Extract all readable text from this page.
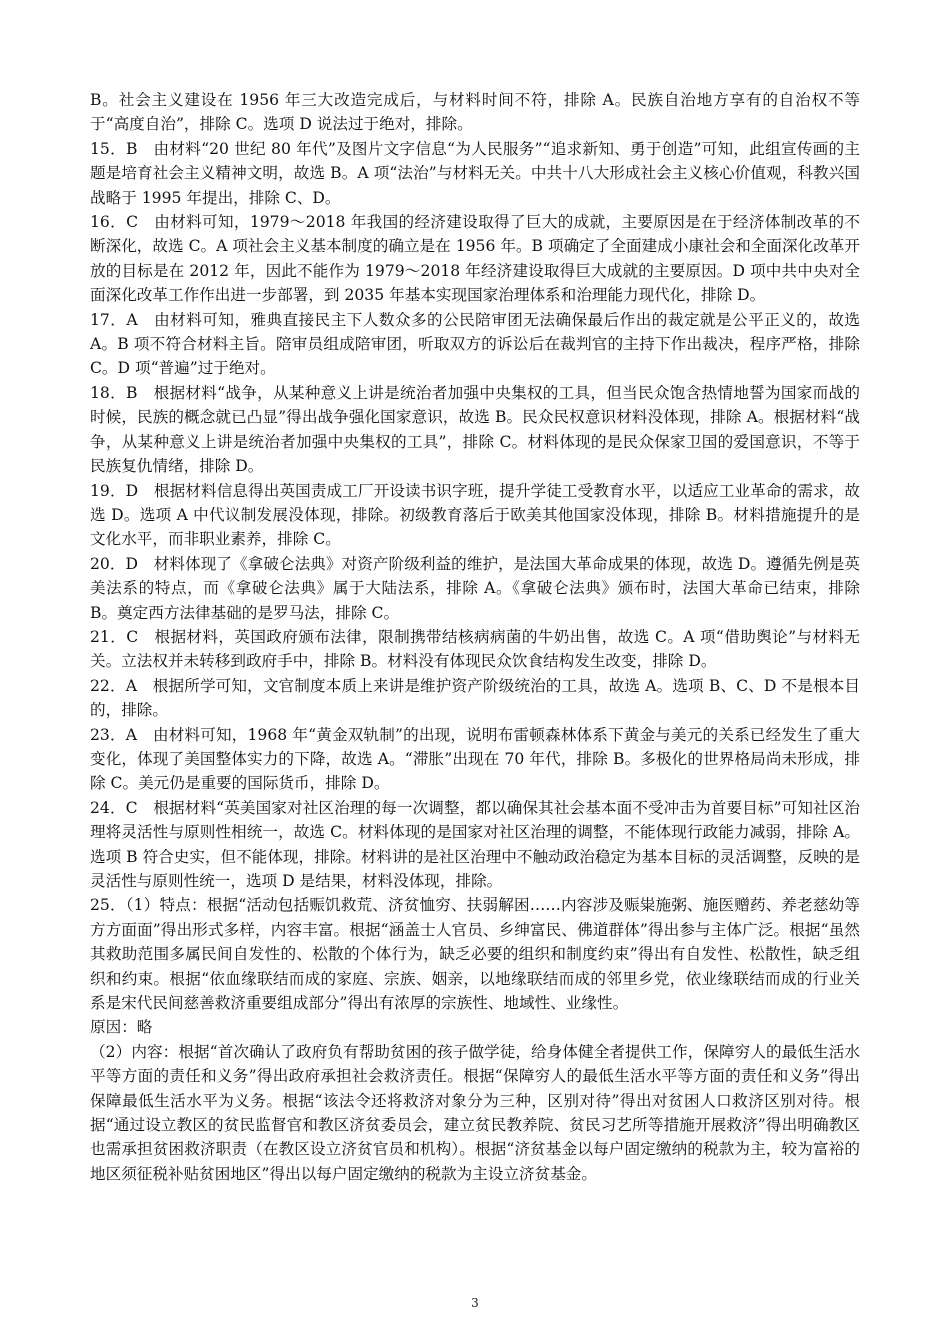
B。社会主义建设在 1956 年三大改造完成后，与材料时间不符，排除 A。民族自治地方享有的自治权不等于“高度自治”，排除 C。选项 D 说法过于绝对，排除。

15．B　由材料“20 世纪 80 年代”及图片文字信息“为人民服务”“追求新知、勇于创造”可知，此组宣传画的主题是培育社会主义精神文明，故选 B。A 项“法治”与材料无关。中共十八大形成社会主义核心价值观，科教兴国战略于 1995 年提出，排除 C、D。

16．C　由材料可知，1979～2018 年我国的经济建设取得了巨大的成就，主要原因是在于经济体制改革的不断深化，故选 C。A 项社会主义基本制度的确立是在 1956 年。B 项确定了全面建成小康社会和全面深化改革开放的目标是在 2012 年，因此不能作为 1979～2018 年经济建设取得巨大成就的主要原因。D 项中共中央对全面深化改革工作作出进一步部署，到 2035 年基本实现国家治理体系和治理能力现代化，排除 D。

17．A　由材料可知，雅典直接民主下人数众多的公民陪审团无法确保最后作出的裁定就是公平正义的，故选 A。B 项不符合材料主旨。陪审员组成陪审团，听取双方的诉讼后在裁判官的主持下作出裁决，程序严格，排除 C。D 项“普遍”过于绝对。

18．B　根据材料“战争，从某种意义上讲是统治者加强中央集权的工具，但当民众饱含热情地誓为国家而战的时候，民族的概念就已凸显”得出战争强化国家意识，故选 B。民众民权意识材料没体现，排除 A。根据材料“战争，从某种意义上讲是统治者加强中央集权的工具”，排除 C。材料体现的是民众保家卫国的爱国意识，不等于民族复仇情绪，排除 D。

19．D　根据材料信息得出英国责成工厂开设读书识字班，提升学徒工受教育水平，以适应工业革命的需求，故选 D。选项 A 中代议制发展没体现，排除。初级教育落后于欧美其他国家没体现，排除 B。材料措施提升的是文化水平，而非职业素养，排除 C。

20．D　材料体现了《拿破仑法典》对资产阶级利益的维护，是法国大革命成果的体现，故选 D。遵循先例是英美法系的特点，而《拿破仑法典》属于大陆法系，排除 A。《拿破仑法典》颁布时，法国大革命已结束，排除 B。奠定西方法律基础的是罗马法，排除 C。

21．C　根据材料，英国政府颁布法律，限制携带结核病病菌的牛奶出售，故选 C。A 项“借助舆论”与材料无关。立法权并未转移到政府手中，排除 B。材料没有体现民众饮食结构发生改变，排除 D。

22．A　根据所学可知，文官制度本质上来讲是维护资产阶级统治的工具，故选 A。选项 B、C、D 不是根本目的，排除。

23．A　由材料可知，1968 年“黄金双轨制”的出现，说明布雷顿森林体系下黄金与美元的关系已经发生了重大变化，体现了美国整体实力的下降，故选 A。“滞胀”出现在 70 年代，排除 B。多极化的世界格局尚未形成，排除 C。美元仍是重要的国际货币，排除 D。

24．C　根据材料“英美国家对社区治理的每一次调整，都以确保其社会基本面不受冲击为首要目标”可知社区治理将灵活性与原则性相统一，故选 C。材料体现的是国家对社区治理的调整，不能体现行政能力减弱，排除 A。选项 B 符合史实，但不能体现，排除。材料讲的是社区治理中不触动政治稳定为基本目标的灵活调整，反映的是灵活性与原则性统一，选项 D 是结果，材料没体现，排除。

25．（1）特点：根据“活动包括赈饥救荒、济贫恤穷、扶弱解困……内容涉及赈粜施粥、施医赠药、养老慈幼等方方面面”得出形式多样，内容丰富。根据“涵盖士人官员、乡绅富民、佛道群体”得出参与主体广泛。根据“虽然其救助范围多属民间自发性的、松散的个体行为，缺乏必要的组织和制度约束”得出有自发性、松散性，缺乏组织和约束。根据“依血缘联结而成的家庭、宗族、姻亲，以地缘联结而成的邻里乡党，依业缘联结而成的行业关系是宋代民间慈善救济重要组成部分”得出有浓厚的宗族性、地域性、业缘性。

原因：略

（2）内容：根据“首次确认了政府负有帮助贫困的孩子做学徒，给身体健全者提供工作，保障穷人的最低生活水平等方面的责任和义务”得出政府承担社会救济责任。根据“保障穷人的最低生活水平等方面的责任和义务”得出保障最低生活水平为义务。根据“该法令还将救济对象分为三种，区别对待”得出对贫困人口救济区别对待。根据“通过设立教区的贫民监督官和教区济贫委员会，建立贫民教养院、贫民习艺所等措施开展救济”得出明确教区也需承担贫困救济职责（在教区设立济贫官员和机构）。根据“济贫基金以每户固定缴纳的税款为主，较为富裕的地区须征税补贴贫困地区”得出以每户固定缴纳的税款为主设立济贫基金。

3
